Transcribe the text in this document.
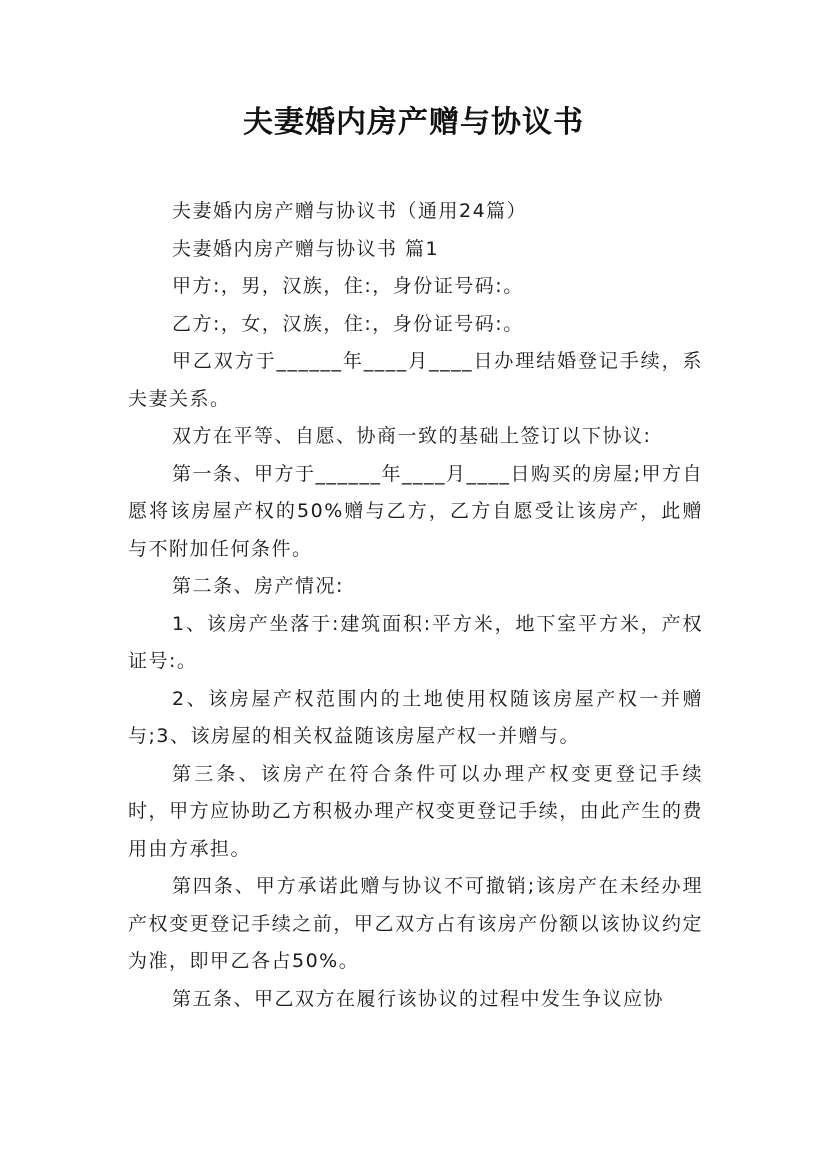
夫妻婚内房产赠与协议书

夫妻婚内房产赠与协议书（通用24篇）

夫妻婚内房产赠与协议书 篇1

甲方:，男，汉族，住:，身份证号码:。

乙方:，女，汉族，住:，身份证号码:。

甲乙双方于______年____月____日办理结婚登记手续，系夫妻关系。

双方在平等、自愿、协商一致的基础上签订以下协议:

第一条、甲方于______年____月____日购买的房屋;甲方自愿将该房屋产权的50%赠与乙方，乙方自愿受让该房产，此赠与不附加任何条件。

第二条、房产情况:

1、该房产坐落于:建筑面积:平方米，地下室平方米，产权证号:。

2、该房屋产权范围内的土地使用权随该房屋产权一并赠与;3、该房屋的相关权益随该房屋产权一并赠与。

第三条、该房产在符合条件可以办理产权变更登记手续时，甲方应协助乙方积极办理产权变更登记手续，由此产生的费用由方承担。

第四条、甲方承诺此赠与协议不可撤销;该房产在未经办理产权变更登记手续之前，甲乙双方占有该房产份额以该协议约定为准，即甲乙各占50%。

第五条、甲乙双方在履行该协议的过程中发生争议应协
